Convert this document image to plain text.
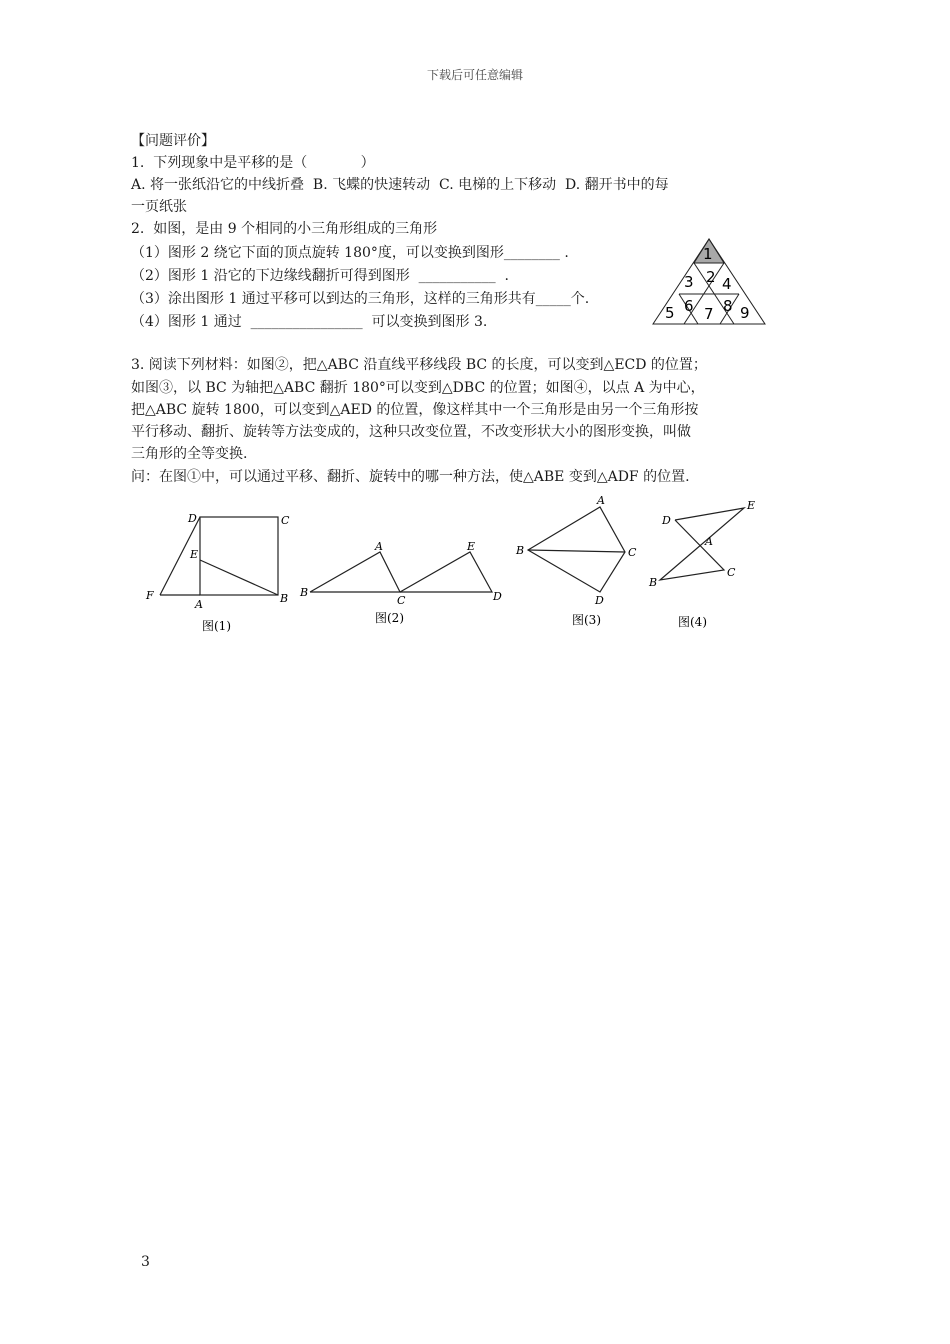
下载后可任意编辑
【问题评价】
1.  下列现象中是平移的是（            ）
A. 将一张纸沿它的中线折叠  B. 飞蝶的快速转动  C. 电梯的上下移动  D. 翻开书中的每
一页纸张
2.  如图，是由 9 个相同的小三角形组成的三角形
（1）图形 2 绕它下面的顶点旋转 180°度，可以变换到图形________ .
（2）图形 1 沿它的下边缘线翻折可得到图形  ___________  .
（3）涂出图形 1 通过平移可以到达的三角形，这样的三角形共有_____个.
（4）图形 1 通过  ________________  可以变换到图形 3.
1
2
3 4
5 6 7 8 9
3. 阅读下列材料：如图②，把△ABC 沿直线平移线段 BC 的长度，可以变到△ECD 的位置；
如图③，以 BC 为轴把△ABC 翻折 180°可以变到△DBC 的位置；如图④，以点 A 为中心，
把△ABC 旋转 1800，可以变到△AED 的位置，像这样其中一个三角形是由另一个三角形按
平行移动、翻折、旋转等方法变成的，这种只改变位置，不改变形状大小的图形变换，叫做
三角形的全等变换.
问：在图①中，可以通过平移、翻折、旋转中的哪一种方法，使△ABE 变到△ADF 的位置.
D	C
E
F
A	B
图(1)
A	E
B
C	D
图(2)
A
B	C
D
图(3)
D
E
A
B
C
图(4)
3
